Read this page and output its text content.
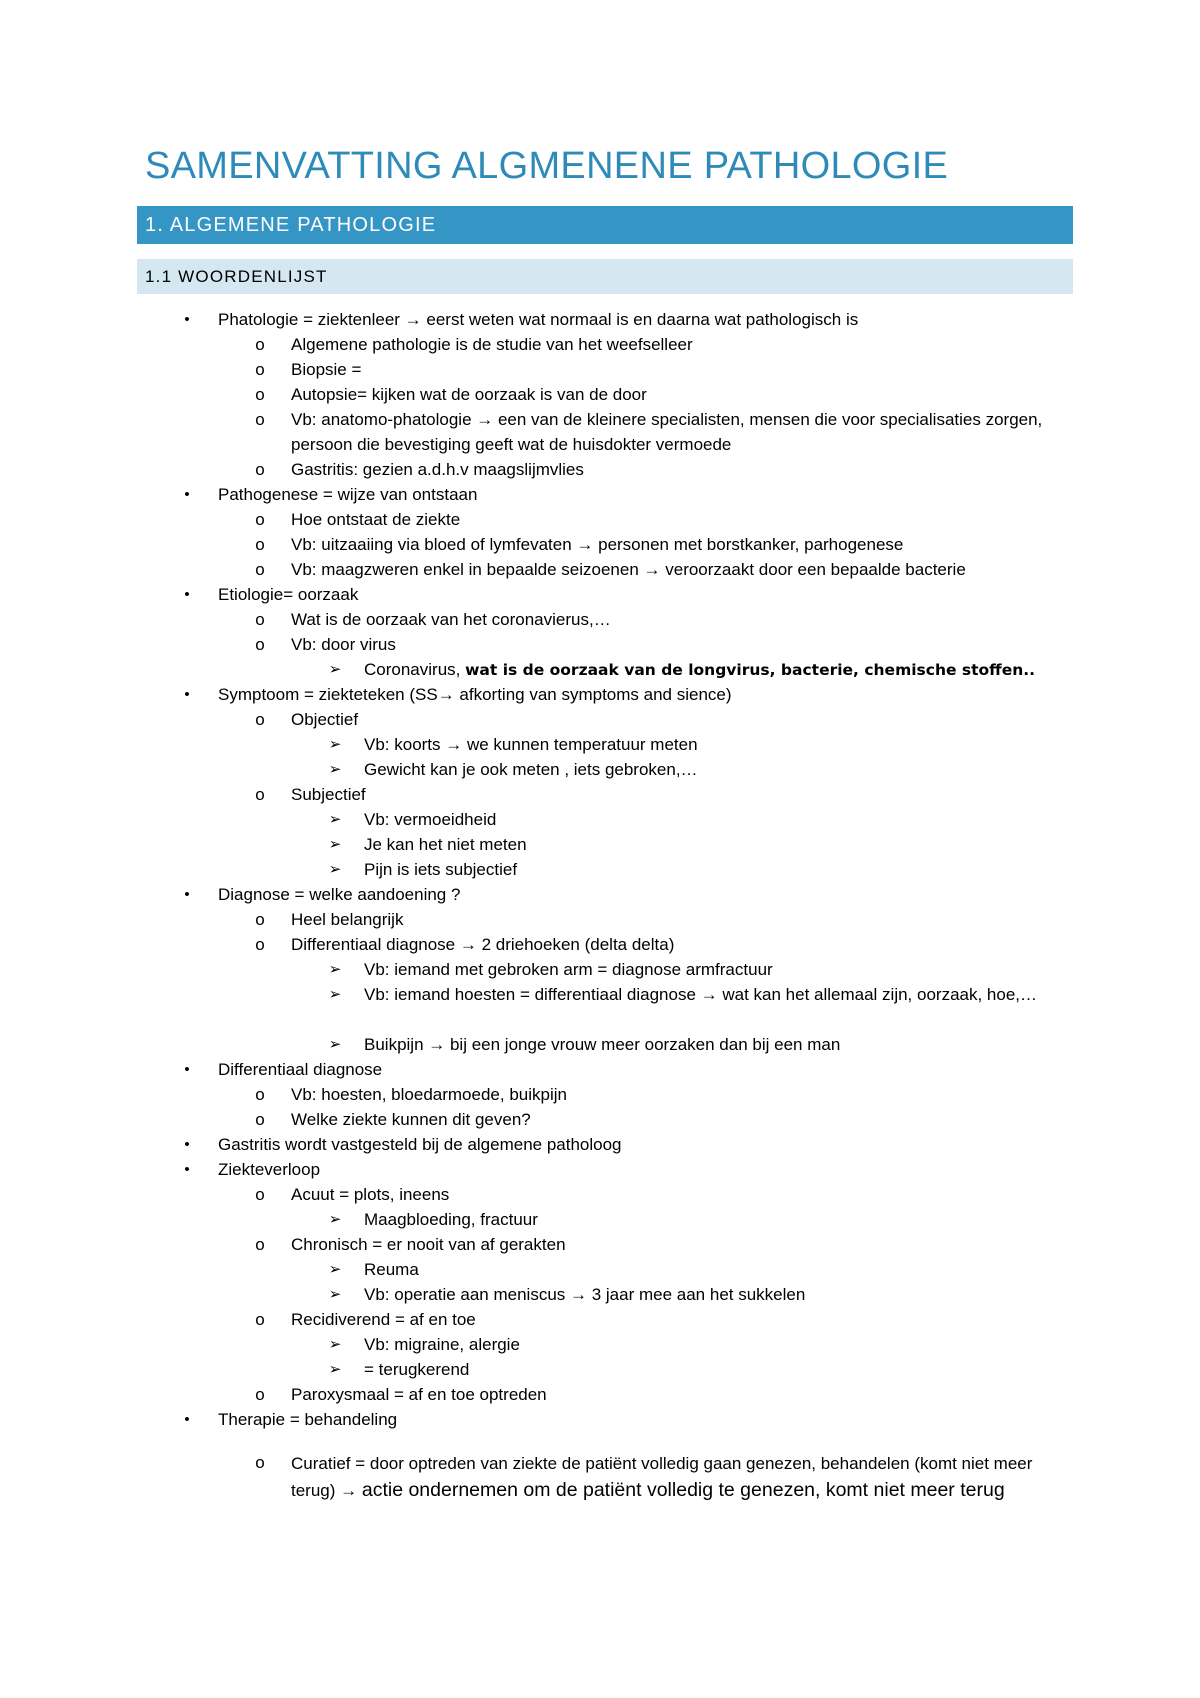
SAMENVATTING ALGMENENE PATHOLOGIE
1. ALGEMENE PATHOLOGIE
1.1 WOORDENLIJST
•	Phatologie = ziektenleer → eerst weten wat normaal is en daarna wat pathologisch is
o	Algemene pathologie is de studie van het weefselleer
o	Biopsie =
o	Autopsie= kijken wat de oorzaak is van de door
o	Vb: anatomo-phatologie → een van de kleinere specialisten, mensen die voor specialisaties zorgen, persoon die bevestiging geeft wat de huisdokter vermoede
o	Gastritis: gezien a.d.h.v maagslijmvlies
•	Pathogenese = wijze van ontstaan
o	Hoe ontstaat de ziekte
o	Vb: uitzaaiing via bloed of lymfevaten → personen met borstkanker, parhogenese
o	Vb: maagzweren enkel in bepaalde seizoenen → veroorzaakt door een bepaalde bacterie
•	Etiologie= oorzaak
o	Wat is de oorzaak van het coronavierus,…
o	Vb: door virus
➢ Coronavirus, wat is de oorzaak van de longvirus, bacterie, chemische stoffen..
•	Symptoom = ziekteteken (SS→ afkorting van symptoms and sience)
o	Objectief
➢ Vb: koorts → we kunnen temperatuur meten
➢ Gewicht kan je ook meten , iets gebroken,…
o	Subjectief
➢ Vb: vermoeidheid
➢ Je kan het niet meten
➢ Pijn is iets subjectief
•	Diagnose = welke aandoening ?
o	Heel belangrijk
o	Differentiaal diagnose → 2 driehoeken (delta delta)
➢ Vb: iemand met gebroken arm = diagnose armfractuur
➢ Vb: iemand hoesten = differentiaal diagnose → wat kan het allemaal zijn, oorzaak, hoe,…
➢ Buikpijn → bij een jonge vrouw meer oorzaken dan bij een man
•	Differentiaal diagnose
o	Vb: hoesten, bloedarmoede, buikpijn
o	Welke ziekte kunnen dit geven?
•	Gastritis wordt vastgesteld bij de algemene patholoog
•	Ziekteverloop
o	Acuut = plots, ineens
➢ Maagbloeding, fractuur
o	Chronisch = er nooit van af gerakten
➢ Reuma
➢ Vb: operatie aan meniscus → 3 jaar mee aan het sukkelen
o	Recidiverend = af en toe
➢ Vb: migraine, alergie
➢ = terugkerend
o	Paroxysmaal = af en toe optreden
•	Therapie = behandeling
o	Curatief = door optreden van ziekte de patiënt volledig gaan genezen, behandelen (komt niet meer terug) → actie ondernemen om de patiënt volledig te genezen, komt niet meer terug
